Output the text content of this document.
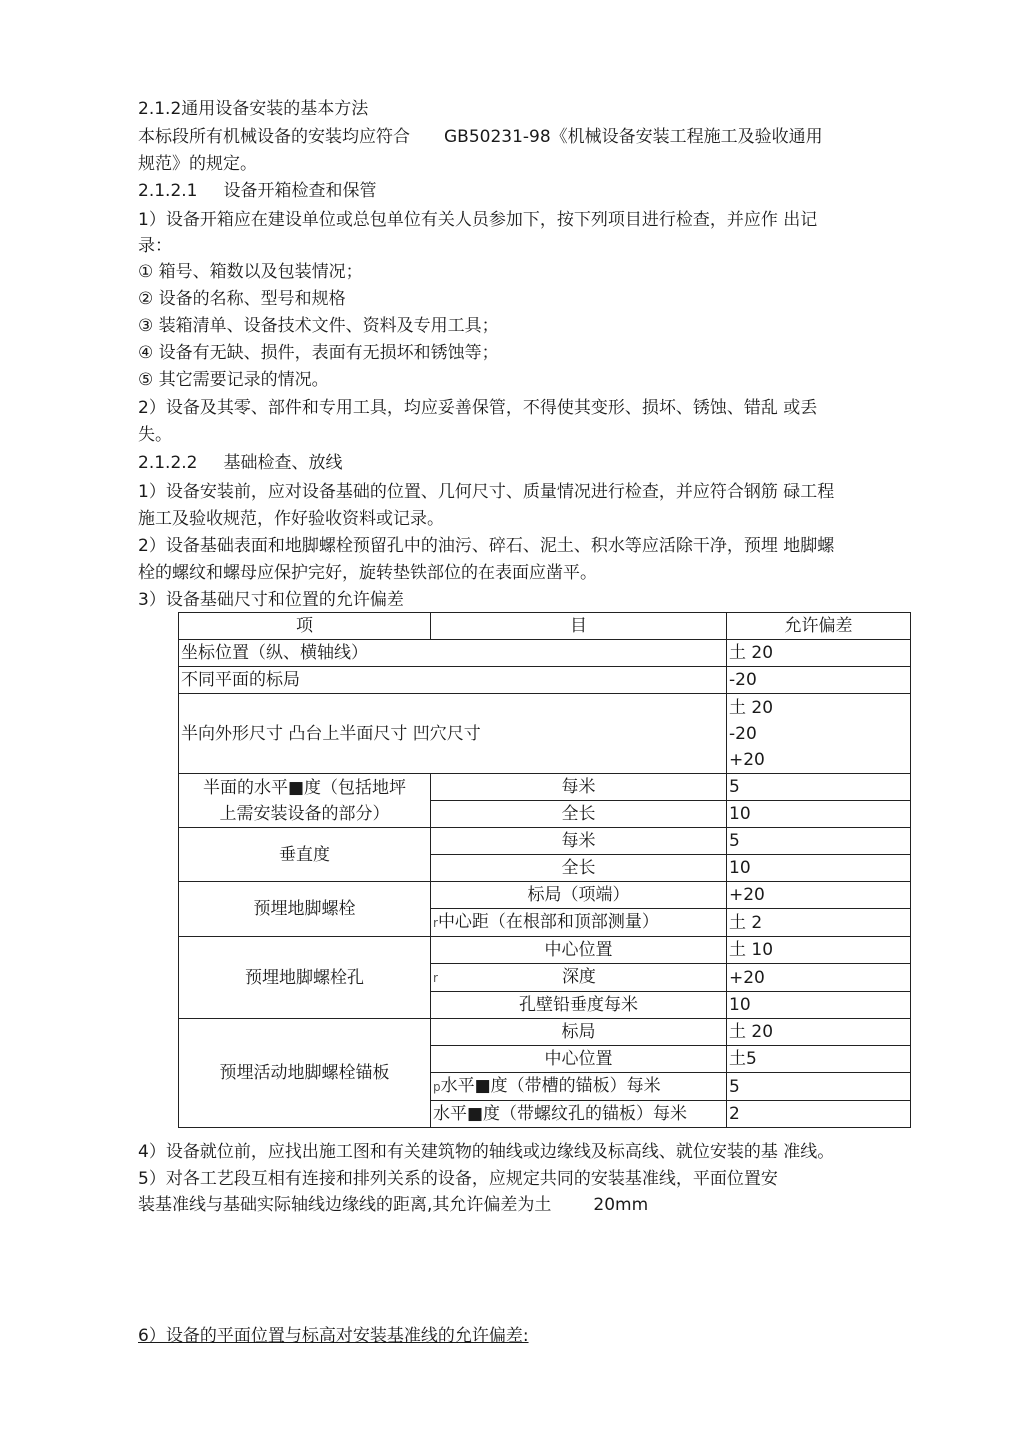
2.1.2通用设备安装的基本方法
本标段所有机械设备的安装均应符合 GB50231-98《机械设备安装工程施工及验收通用
规范》的规定。
2.1.2.1 设备开箱检查和保管
1）设备开箱应在建设单位或总包单位有关人员参加下，按下列项目进行检查，并应作 出记
录：
① 箱号、箱数以及包装情况；
② 设备的名称、型号和规格
③ 装箱清单、设备技术文件、资料及专用工具；
④ 设备有无缺、损件，表面有无损坏和锈蚀等；
⑤ 其它需要记录的情况。
2）设备及其零、部件和专用工具，均应妥善保管，不得使其变形、损坏、锈蚀、错乱 或丢
失。
2.1.2.2 基础检查、放线
1）设备安装前，应对设备基础的位置、几何尺寸、质量情况进行检查，并应符合钢筋 碌工程
施工及验收规范，作好验收资料或记录。
2）设备基础表面和地脚螺栓预留孔中的油污、碎石、泥土、积水等应活除干净，预埋 地脚螺
栓的螺纹和螺母应保护完好，旋转垫铁部位的在表面应凿平。
3）设备基础尺寸和位置的允许偏差
项	目	允许偏差
坐标位置（纵、横轴线）		土 20
不同平面的标局		-20
半向外形尺寸 凸台上半面尺寸 凹穴尺寸		土 20
-20
+20

半面的水平■度（包括地坪
上需安装设备的部分）	每米	5
	全长	10
垂直度	每米	5
	全长	10
预埋地脚螺栓	标局（项端）	+20
	r中心距（在根部和顶部测量）	土 2
预埋地脚螺栓孔	中心位置	土 10
	r 深度	+20
	孔壁铅垂度每米	10
预埋活动地脚螺栓锚板	标局	土 20
	中心位置	土5
	p水平■度（带槽的锚板）每米	5
	水平■度（带螺纹孔的锚板）每米	2
4）设备就位前，应找出施工图和有关建筑物的轴线或边缘线及标高线、就位安装的基 准线。
5）对各工艺段互相有连接和排列关系的设备，应规定共同的安装基准线，平面位置安
装基准线与基础实际轴线边缘线的距离,其允许偏差为土 20mm
6）设备的平面位置与标高对安装基准线的允许偏差:
